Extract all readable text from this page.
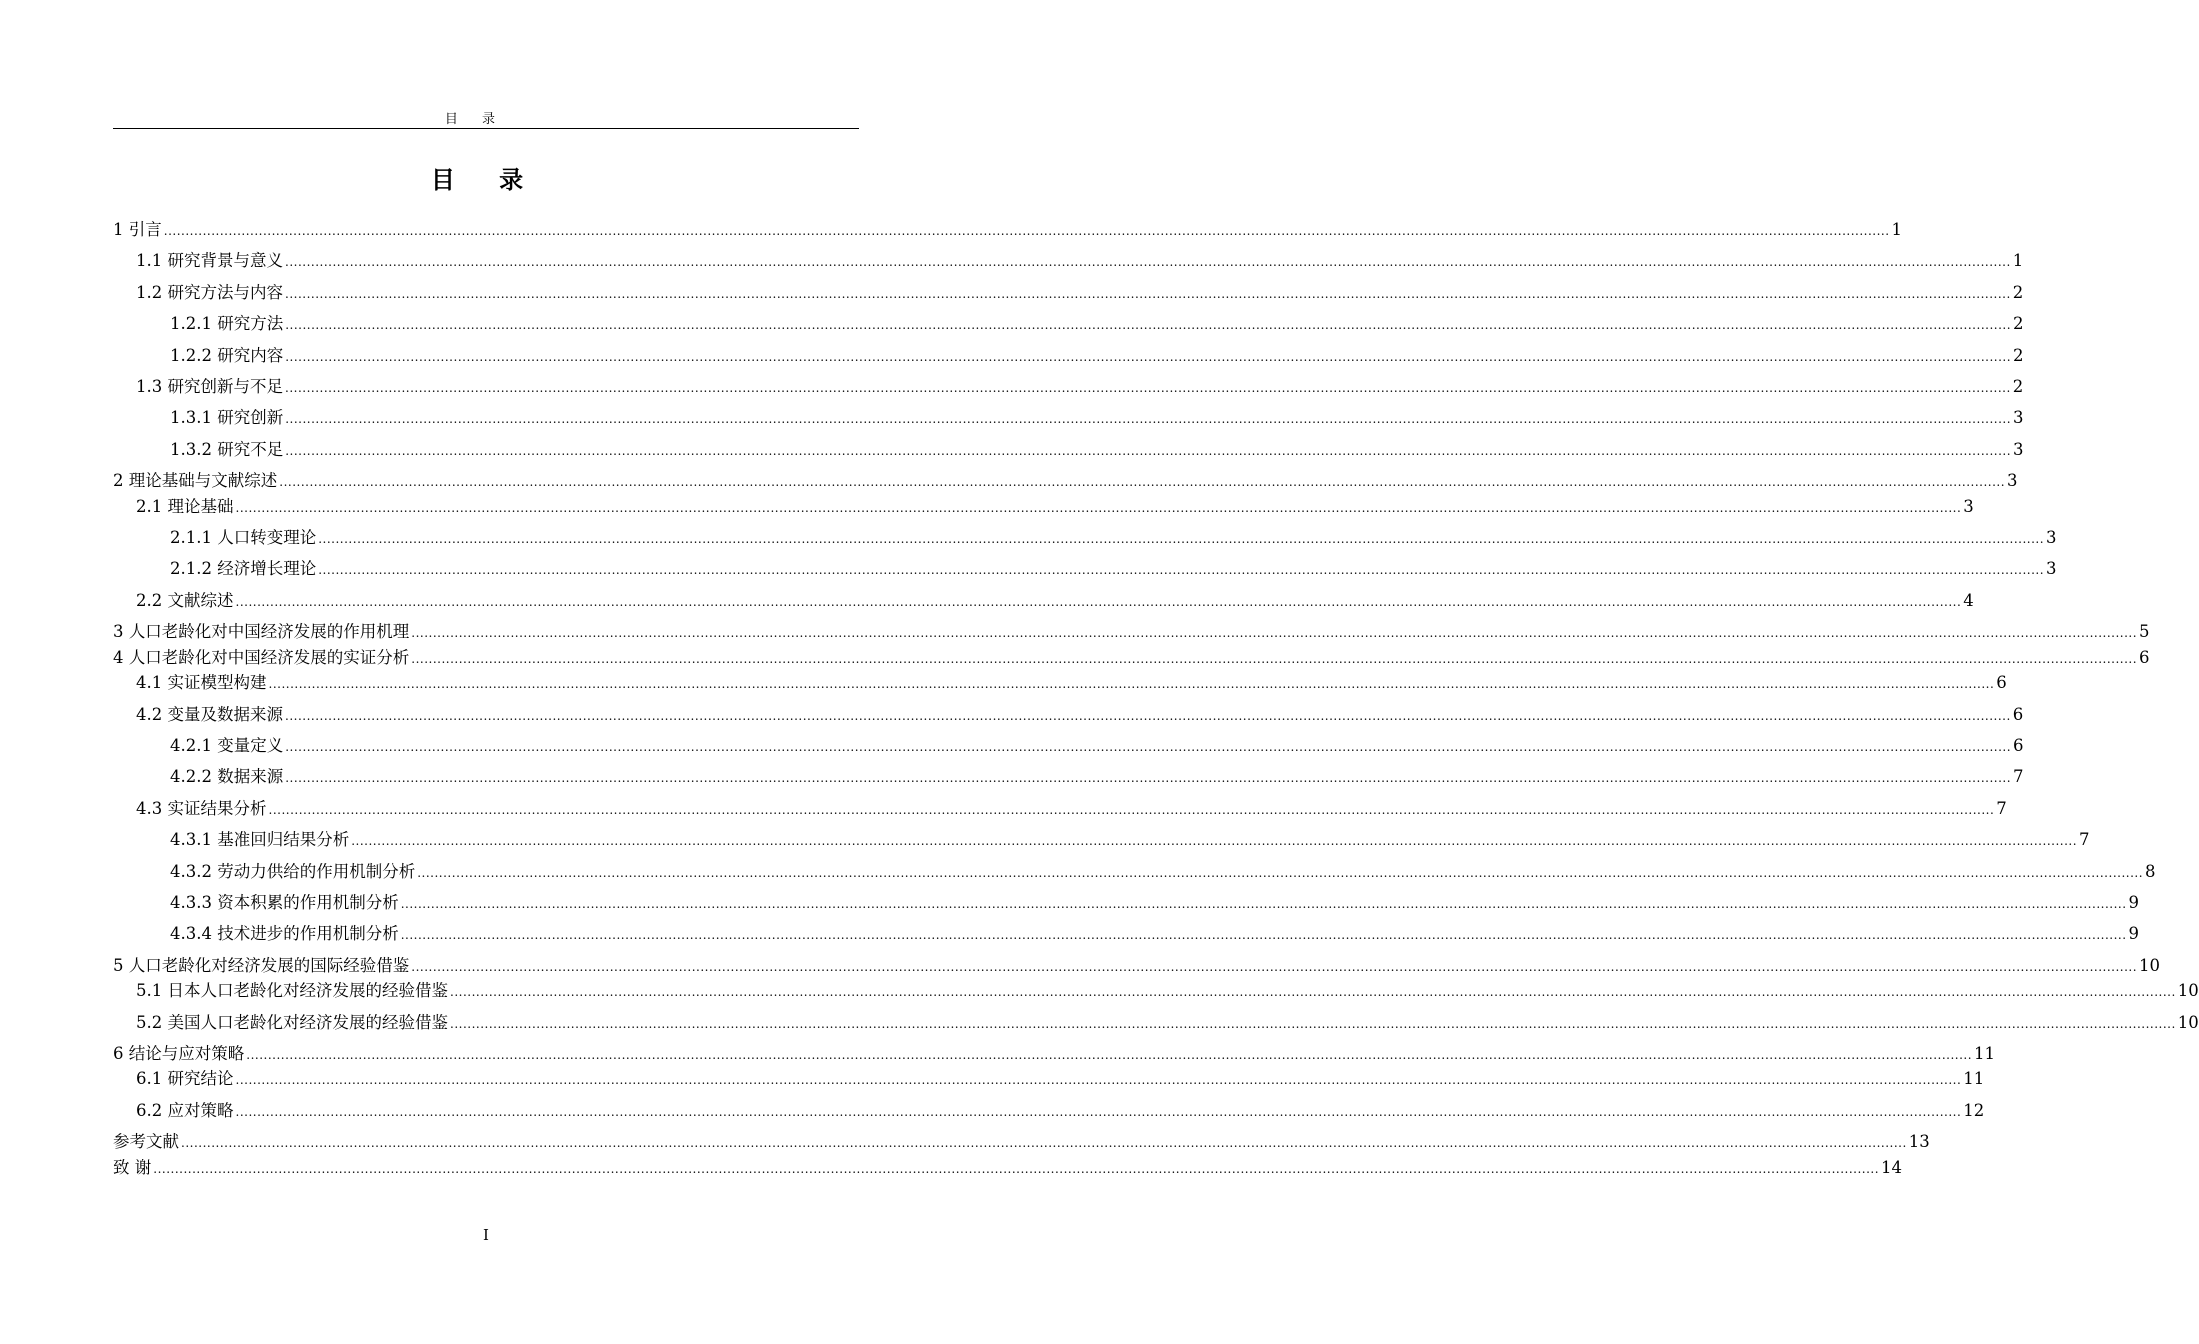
目 录
目 录
1 引言 ................................................................................................................................................................................................................................................................................................................................................................................................................ 1
1.1 研究背景与意义 ................................................................................................................................................................................................................................................................................................................................................................................................................ 1
1.2 研究方法与内容 ................................................................................................................................................................................................................................................................................................................................................................................................................ 2
1.2.1 研究方法 ................................................................................................................................................................................................................................................................................................................................................................................................................ 2
1.2.2 研究内容 ................................................................................................................................................................................................................................................................................................................................................................................................................ 2
1.3 研究创新与不足 ................................................................................................................................................................................................................................................................................................................................................................................................................ 2
1.3.1 研究创新 ................................................................................................................................................................................................................................................................................................................................................................................................................ 3
1.3.2 研究不足 ................................................................................................................................................................................................................................................................................................................................................................................................................ 3
2 理论基础与文献综述 ................................................................................................................................................................................................................................................................................................................................................................................................................ 3
2.1 理论基础 ................................................................................................................................................................................................................................................................................................................................................................................................................ 3
2.1.1 人口转变理论 ................................................................................................................................................................................................................................................................................................................................................................................................................ 3
2.1.2 经济增长理论 ................................................................................................................................................................................................................................................................................................................................................................................................................ 3
2.2 文献综述 ................................................................................................................................................................................................................................................................................................................................................................................................................ 4
3 人口老龄化对中国经济发展的作用机理 ................................................................................................................................................................................................................................................................................................................................................................................................................ 5
4 人口老龄化对中国经济发展的实证分析 ................................................................................................................................................................................................................................................................................................................................................................................................................ 6
4.1 实证模型构建 ................................................................................................................................................................................................................................................................................................................................................................................................................ 6
4.2 变量及数据来源 ................................................................................................................................................................................................................................................................................................................................................................................................................ 6
4.2.1 变量定义 ................................................................................................................................................................................................................................................................................................................................................................................................................ 6
4.2.2 数据来源 ................................................................................................................................................................................................................................................................................................................................................................................................................ 7
4.3 实证结果分析 ................................................................................................................................................................................................................................................................................................................................................................................................................ 7
4.3.1 基准回归结果分析 ................................................................................................................................................................................................................................................................................................................................................................................................................ 7
4.3.2 劳动力供给的作用机制分析 ................................................................................................................................................................................................................................................................................................................................................................................................................ 8
4.3.3 资本积累的作用机制分析 ................................................................................................................................................................................................................................................................................................................................................................................................................ 9
4.3.4 技术进步的作用机制分析 ................................................................................................................................................................................................................................................................................................................................................................................................................ 9
5 人口老龄化对经济发展的国际经验借鉴 ................................................................................................................................................................................................................................................................................................................................................................................................................ 10
5.1 日本人口老龄化对经济发展的经验借鉴 ................................................................................................................................................................................................................................................................................................................................................................................................................ 10
5.2 美国人口老龄化对经济发展的经验借鉴 ................................................................................................................................................................................................................................................................................................................................................................................................................ 10
6 结论与应对策略 ................................................................................................................................................................................................................................................................................................................................................................................................................ 11
6.1 研究结论 ................................................................................................................................................................................................................................................................................................................................................................................................................ 11
6.2 应对策略 ................................................................................................................................................................................................................................................................................................................................................................................................................ 12
参考文献 ................................................................................................................................................................................................................................................................................................................................................................................................................ 13
致 谢 ................................................................................................................................................................................................................................................................................................................................................................................................................ 14
I
